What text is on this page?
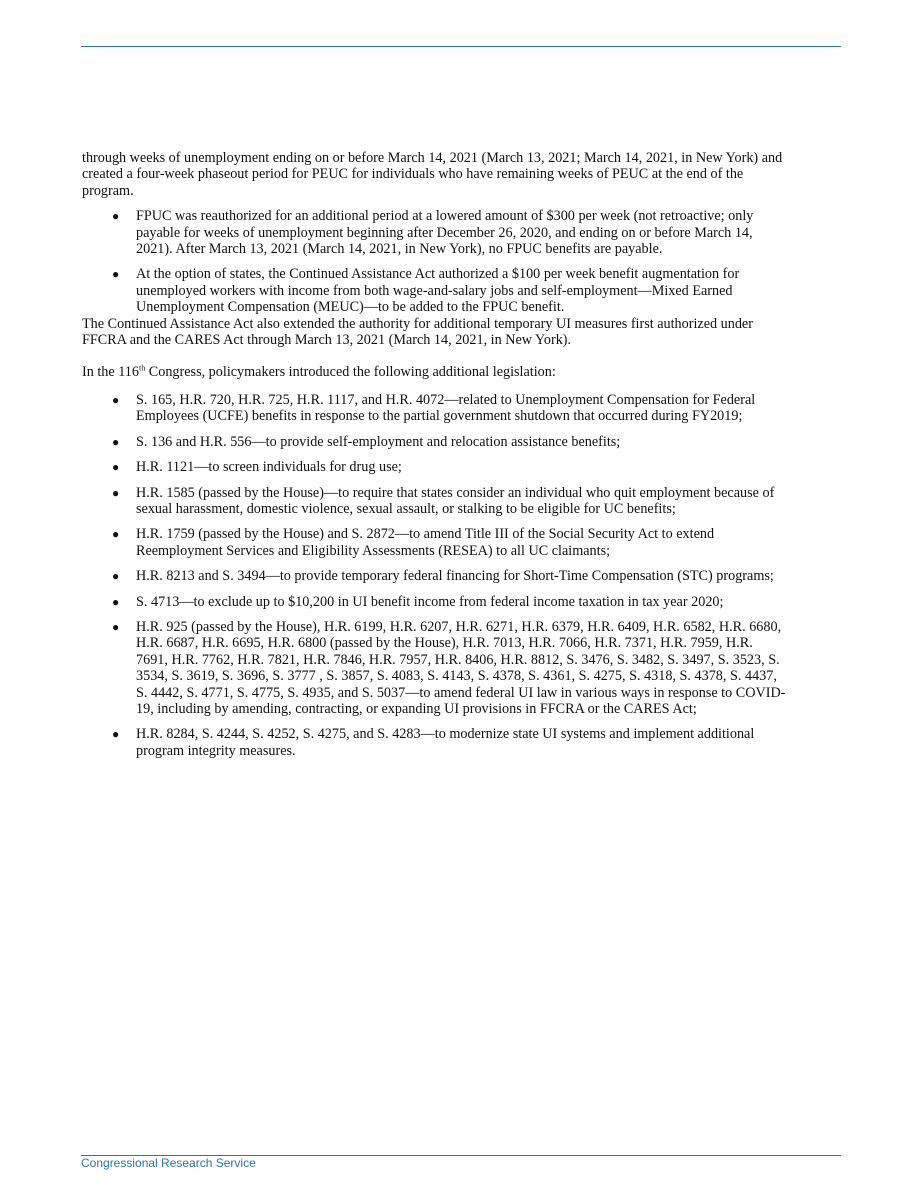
through weeks of unemployment ending on or before March 14, 2021 (March 13, 2021; March 14, 2021, in New York) and created a four-week phaseout period for PEUC for individuals who have remaining weeks of PEUC at the end of the program.

● FPUC was reauthorized for an additional period at a lowered amount of $300 per week (not retroactive; only payable for weeks of unemployment beginning after December 26, 2020, and ending on or before March 14, 2021). After March 13, 2021 (March 14, 2021, in New York), no FPUC benefits are payable.
● At the option of states, the Continued Assistance Act authorized a $100 per week benefit augmentation for unemployed workers with income from both wage-and-salary jobs and self-employment—Mixed Earned Unemployment Compensation (MEUC)—to be added to the FPUC benefit.

The Continued Assistance Act also extended the authority for additional temporary UI measures first authorized under FFCRA and the CARES Act through March 13, 2021 (March 14, 2021, in New York).

In the 116th Congress, policymakers introduced the following additional legislation:

● S. 165, H.R. 720, H.R. 725, H.R. 1117, and H.R. 4072—related to Unemployment Compensation for Federal Employees (UCFE) benefits in response to the partial government shutdown that occurred during FY2019;
● S. 136 and H.R. 556—to provide self-employment and relocation assistance benefits;
● H.R. 1121—to screen individuals for drug use;
● H.R. 1585 (passed by the House)—to require that states consider an individual who quit employment because of sexual harassment, domestic violence, sexual assault, or stalking to be eligible for UC benefits;
● H.R. 1759 (passed by the House) and S. 2872—to amend Title III of the Social Security Act to extend Reemployment Services and Eligibility Assessments (RESEA) to all UC claimants;
● H.R. 8213 and S. 3494—to provide temporary federal financing for Short-Time Compensation (STC) programs;
● S. 4713—to exclude up to $10,200 in UI benefit income from federal income taxation in tax year 2020;
● H.R. 925 (passed by the House), H.R. 6199, H.R. 6207, H.R. 6271, H.R. 6379, H.R. 6409, H.R. 6582, H.R. 6680, H.R. 6687, H.R. 6695, H.R. 6800 (passed by the House), H.R. 7013, H.R. 7066, H.R. 7371, H.R. 7959, H.R. 7691, H.R. 7762, H.R. 7821, H.R. 7846, H.R. 7957, H.R. 8406, H.R. 8812, S. 3476, S. 3482, S. 3497, S. 3523, S. 3534, S. 3619, S. 3696, S. 3777 , S. 3857, S. 4083, S. 4143, S. 4378, S. 4361, S. 4275, S. 4318, S. 4378, S. 4437, S. 4442, S. 4771, S. 4775, S. 4935, and S. 5037—to amend federal UI law in various ways in response to COVID-19, including by amending, contracting, or expanding UI provisions in FFCRA or the CARES Act;
● H.R. 8284, S. 4244, S. 4252, S. 4275, and S. 4283—to modernize state UI systems and implement additional program integrity measures.
Congressional Research Service
